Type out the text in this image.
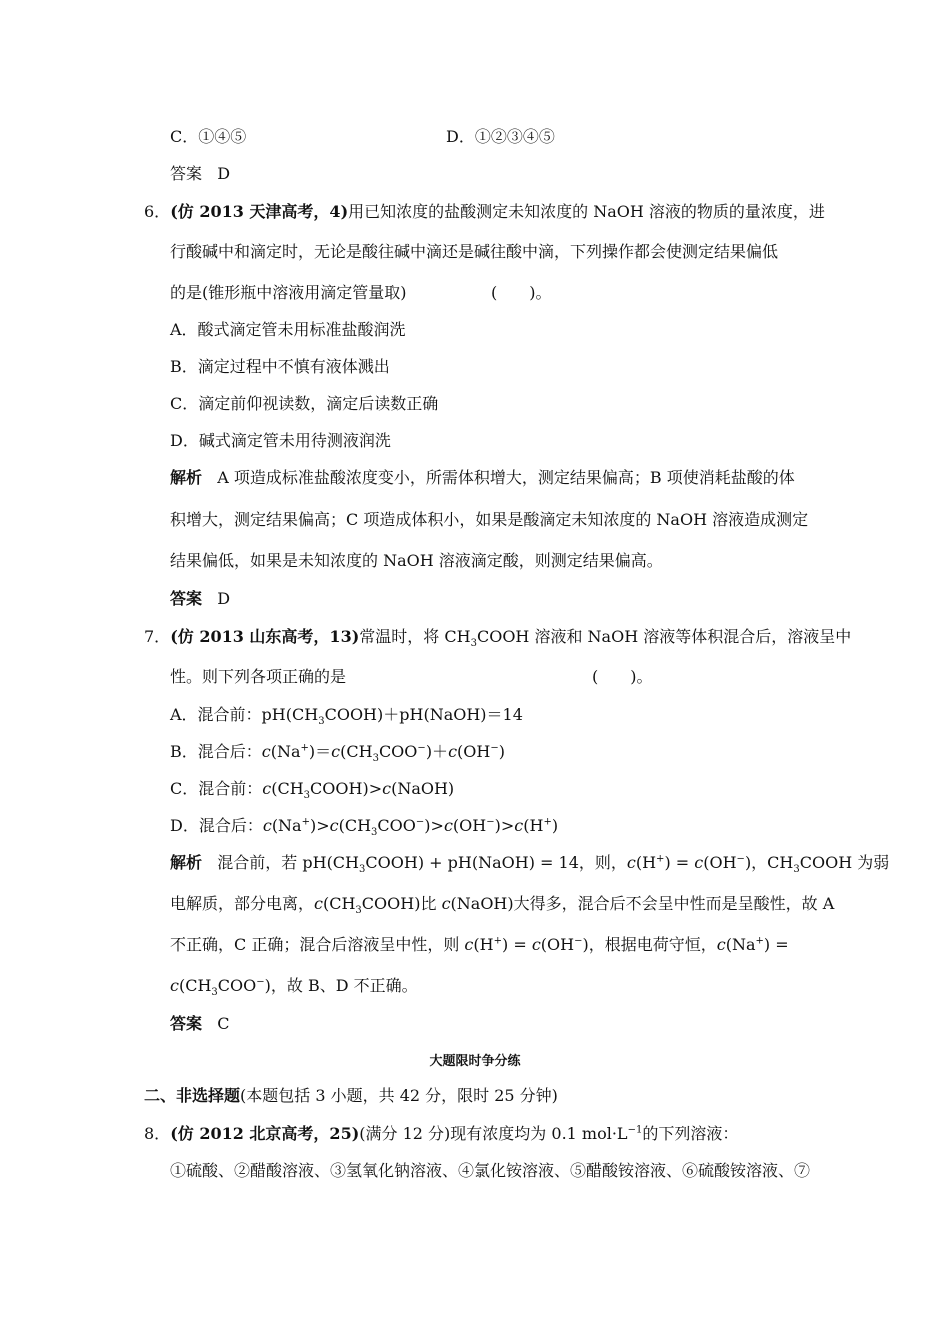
C．①④⑤	D．①②③④⑤
答案 D
6．(仿 2013 天津高考，4)用已知浓度的盐酸测定未知浓度的 NaOH 溶液的物质的量浓度，进
行酸碱中和滴定时，无论是酸往碱中滴还是碱往酸中滴，下列操作都会使测定结果偏低
的是(锥形瓶中溶液用滴定管量取)	(　　)。
A．酸式滴定管未用标准盐酸润洗
B．滴定过程中不慎有液体溅出
C．滴定前仰视读数，滴定后读数正确
D．碱式滴定管未用待测液润洗
解析 A 项造成标准盐酸浓度变小，所需体积增大，测定结果偏高；B 项使消耗盐酸的体
积增大，测定结果偏高；C 项造成体积小，如果是酸滴定未知浓度的 NaOH 溶液造成测定
结果偏低，如果是未知浓度的 NaOH 溶液滴定酸，则测定结果偏高。
答案 D
7．(仿 2013 山东高考，13)常温时，将 $CH_3COOH$ 溶液和 NaOH 溶液等体积混合后，溶液呈中
性。则下列各项正确的是	(　　)。
A．混合前：$pH(CH_3COOH)+pH(NaOH)=14$
B．混合后：$c(Na^+)=c(CH_3COO^-)+c(OH^-)$
C．混合前：$c(CH_3COOH)>c(NaOH)$
D．混合后：$c(Na^+)>c(CH_3COO^-)>c(OH^-)>c(H^+)$
解析 混合前，若 $pH(CH_3COOH)$ + pH(NaOH) = 14，则，c(H+) = c(OH−)，$CH_3COOH$ 为弱
电解质，部分电离，$c(CH_3COOH)$比 c(NaOH)大得多，混合后不会呈中性而是呈酸性，故 A
不正确，C 正确；混合后溶液呈中性，则 c(H+) = c(OH−)，根据电荷守恒，c(Na+) =
$c(CH_3COO^-)$，故 B、D 不正确。
答案 C
大题限时争分练
二、非选择题(本题包括 3 小题，共 42 分，限时 25 分钟)
8．(仿 2012 北京高考，25)(满分 12 分)现有浓度均为 0.1 $mol\cdot L^{-1}$的下列溶液：
①硫酸、②醋酸溶液、③氢氧化钠溶液、④氯化铵溶液、⑤醋酸铵溶液、⑥硫酸铵溶液、⑦
